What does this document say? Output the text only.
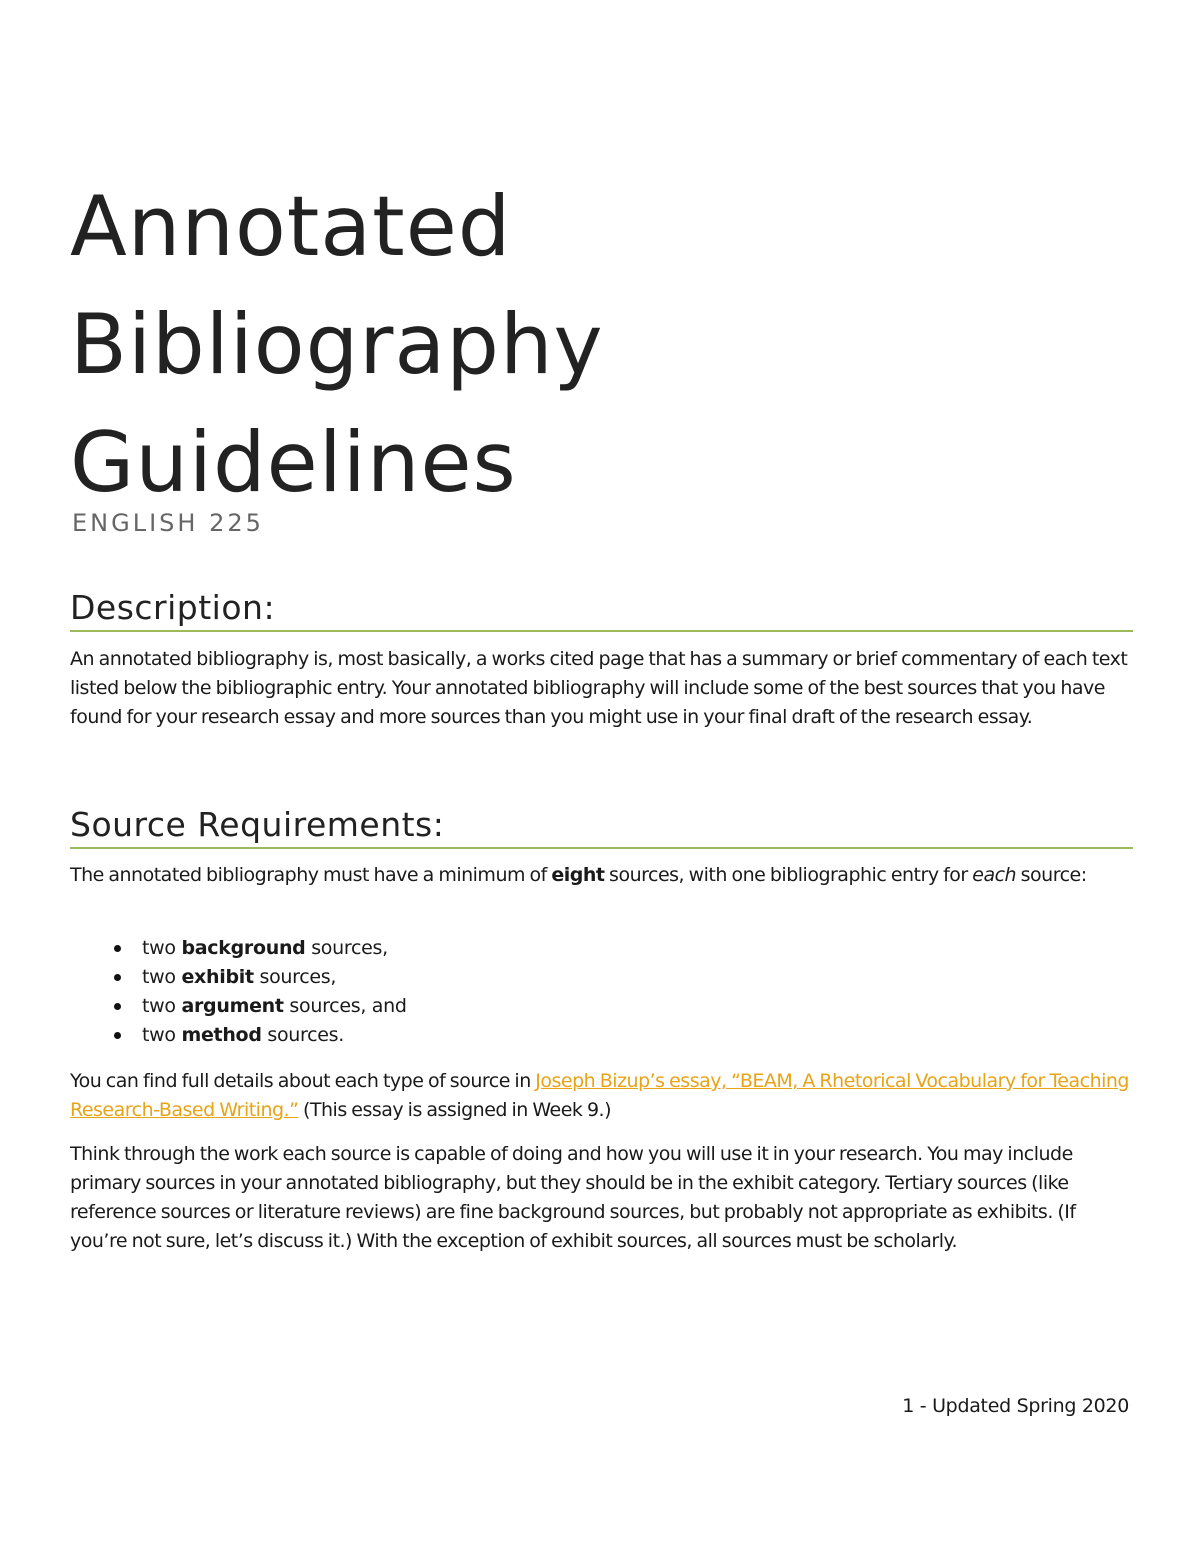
Annotated
Bibliography
Guidelines
ENGLISH 225
Description:

An annotated bibliography is, most basically, a works cited page that has a summary or brief commentary of each text listed below the bibliographic entry. Your annotated bibliography will include some of the best sources that you have found for your research essay and more sources than you might use in your final draft of the research essay.

Source Requirements:

The annotated bibliography must have a minimum of eight sources, with one bibliographic entry for each source:

two background sources,
two exhibit sources,
two argument sources, and
two method sources.

You can find full details about each type of source in Joseph Bizup’s essay, “BEAM, A Rhetorical Vocabulary for Teaching Research-Based Writing.” (This essay is assigned in Week 9.)

Think through the work each source is capable of doing and how you will use it in your research. You may include primary sources in your annotated bibliography, but they should be in the exhibit category. Tertiary sources (like reference sources or literature reviews) are fine background sources, but probably not appropriate as exhibits. (If you’re not sure, let’s discuss it.) With the exception of exhibit sources, all sources must be scholarly.

1 - Updated Spring 2020
